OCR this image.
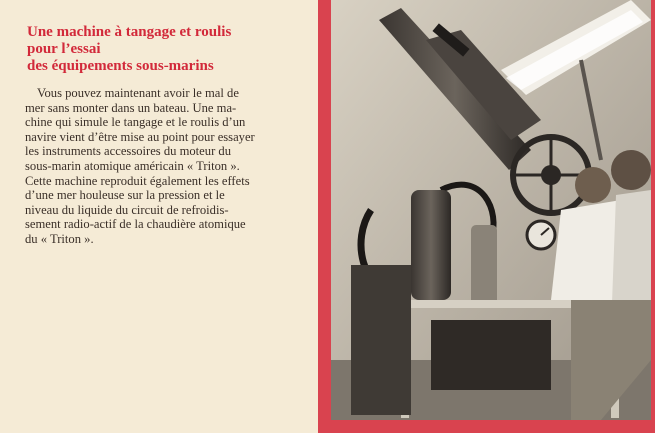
Une machine à tangage et roulis
pour l’essai
des équipements sous-marins

Vous pouvez maintenant avoir le mal de
mer sans monter dans un bateau. Une ma-
chine qui simule le tangage et le roulis d’un
navire vient d’être mise au point pour essayer
les instruments accessoires du moteur du
sous-marin atomique américain « Triton ».
Cette machine reproduit également les effets
d’une mer houleuse sur la pression et le
niveau du liquide du circuit de refroidis-
sement radio-actif de la chaudière atomique
du « Triton ».
